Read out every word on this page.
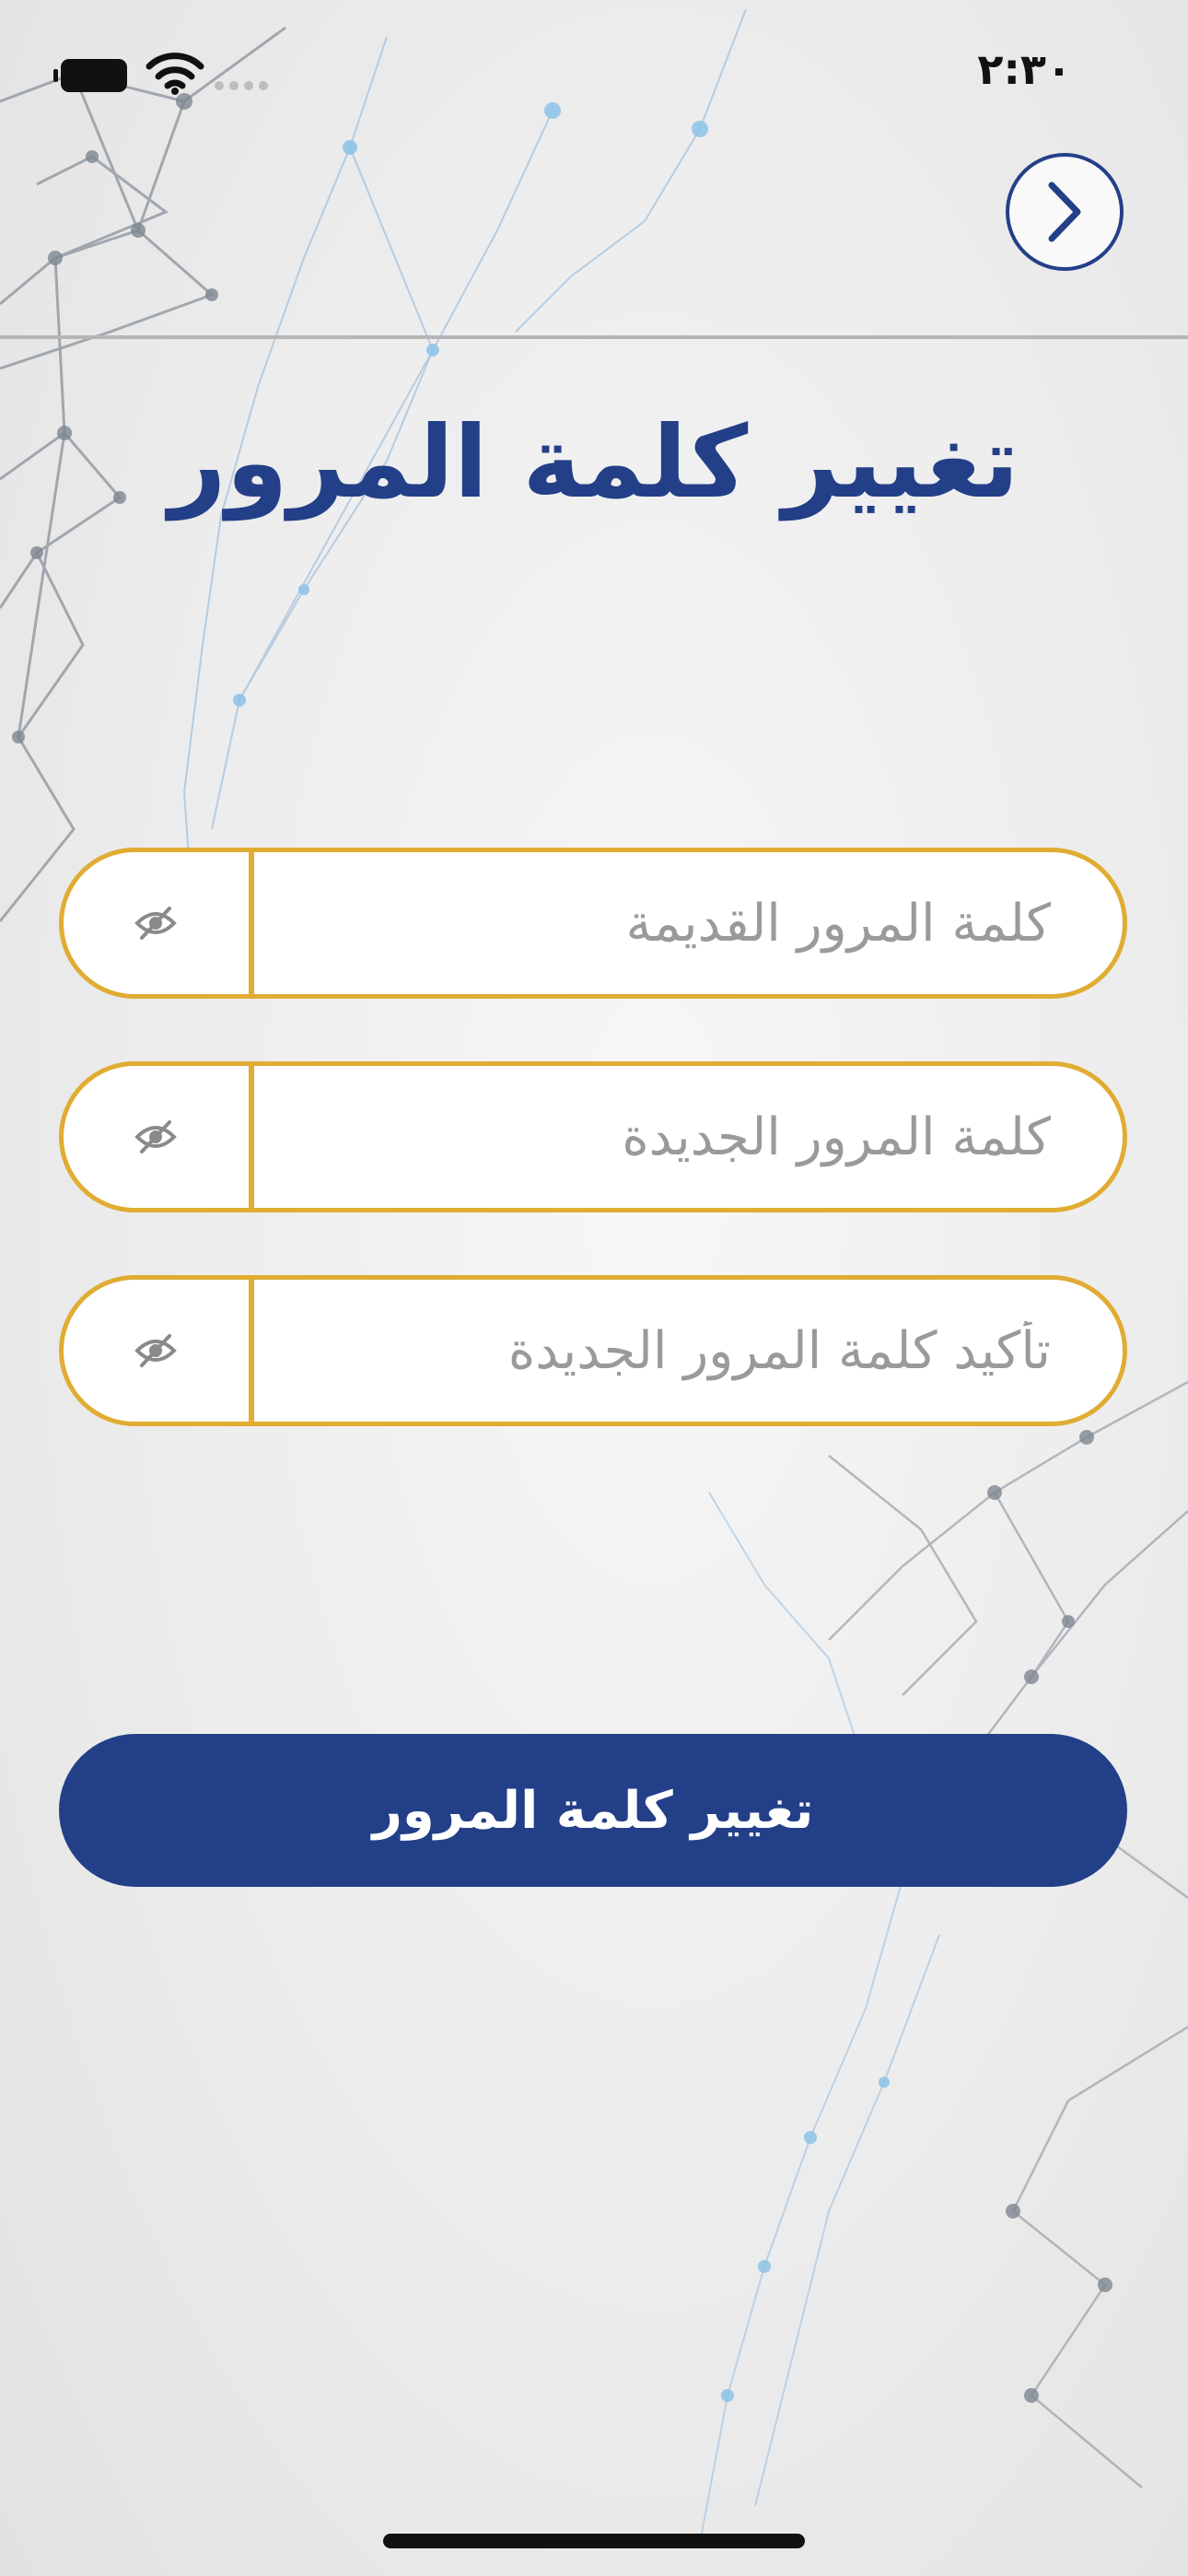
٢:٣٠
تغيير كلمة المرور
تغيير كلمة المرور
